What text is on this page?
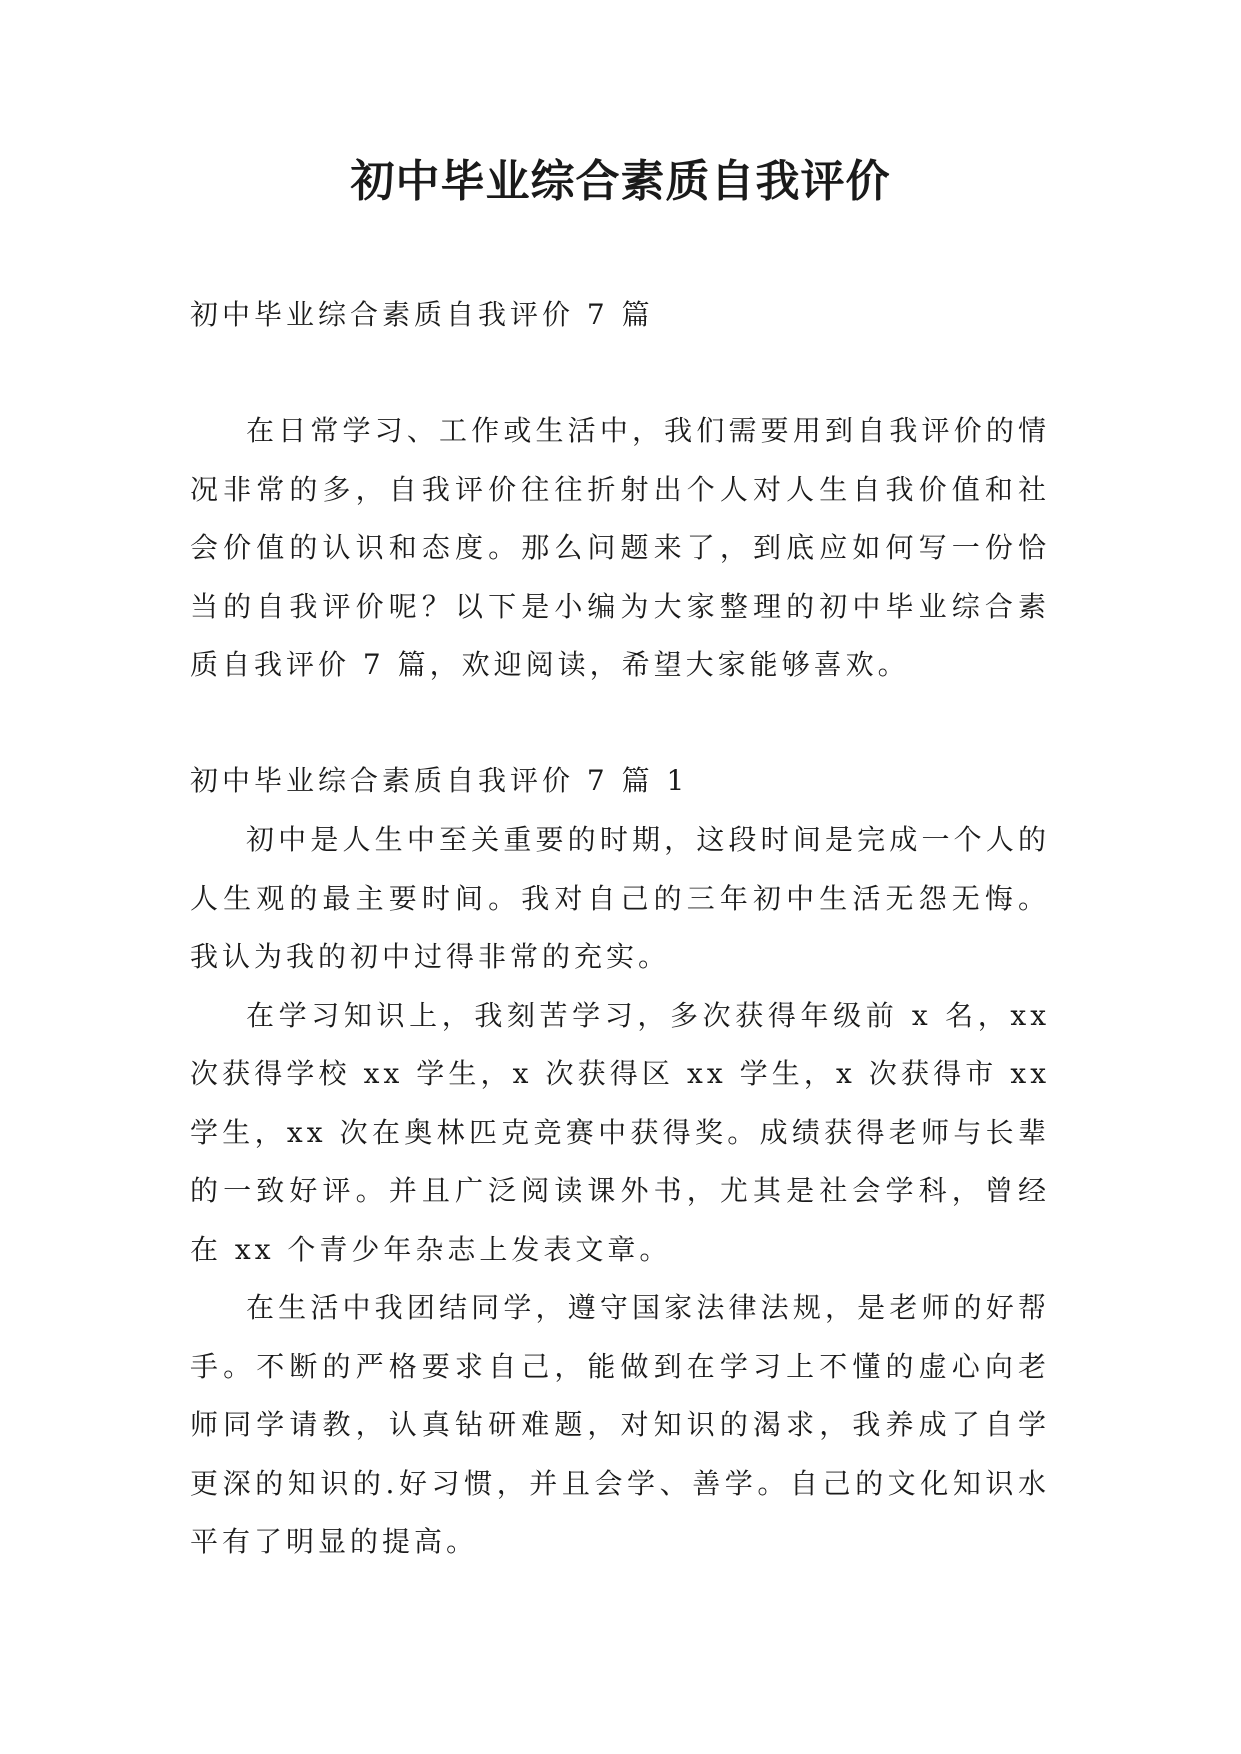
初中毕业综合素质自我评价
初中毕业综合素质自我评价 7 篇

在日常学习、工作或生活中，我们需要用到自我评价的情况非常的多，自我评价往往折射出个人对人生自我价值和社会价值的认识和态度。那么问题来了，到底应如何写一份恰当的自我评价呢？以下是小编为大家整理的初中毕业综合素质自我评价 7 篇，欢迎阅读，希望大家能够喜欢。

初中毕业综合素质自我评价 7 篇 1

初中是人生中至关重要的时期，这段时间是完成一个人的人生观的最主要时间。我对自己的三年初中生活无怨无悔。我认为我的初中过得非常的充实。

在学习知识上，我刻苦学习，多次获得年级前 x 名，xx 次获得学校 xx 学生，x 次获得区 xx 学生，x 次获得市 xx 学生，xx 次在奥林匹克竞赛中获得奖。成绩获得老师与长辈的一致好评。并且广泛阅读课外书，尤其是社会学科，曾经在 xx 个青少年杂志上发表文章。

在生活中我团结同学，遵守国家法律法规，是老师的好帮手。不断的严格要求自己，能做到在学习上不懂的虚心向老师同学请教，认真钻研难题，对知识的渴求，我养成了自学更深的知识的.好习惯，并且会学、善学。自己的文化知识水平有了明显的提高。
